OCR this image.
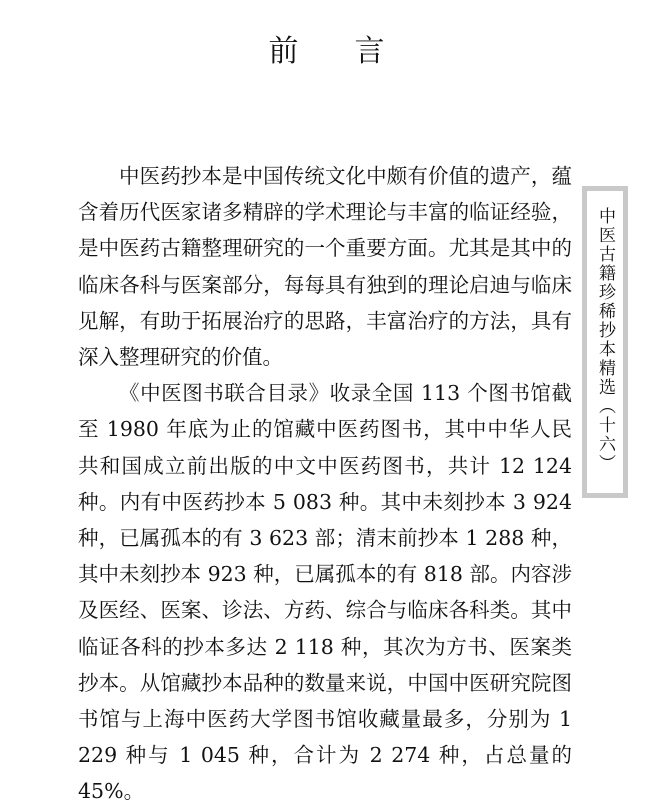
前言

中医药抄本是中国传统文化中颇有价值的遗产，蕴含着历代医家诸多精辟的学术理论与丰富的临证经验，是中医药古籍整理研究的一个重要方面。尤其是其中的临床各科与医案部分，每每具有独到的理论启迪与临床见解，有助于拓展治疗的思路，丰富治疗的方法，具有深入整理研究的价值。

《中医图书联合目录》收录全国 113 个图书馆截至 1980 年底为止的馆藏中医药图书，其中中华人民共和国成立前出版的中文中医药图书，共计 12 124 种。内有中医药抄本 5 083 种。其中未刻抄本 3 924 种，已属孤本的有 3 623 部；清末前抄本 1 288 种，其中未刻抄本 923 种，已属孤本的有 818 部。内容涉及医经、医案、诊法、方药、综合与临床各科类。其中临证各科的抄本多达 2 118 种，其次为方书、医案类抄本。从馆藏抄本品种的数量来说，中国中医研究院图书馆与上海中医药大学图书馆收藏量最多，分别为 1 229 种与 1 045 种，合计为 2 274 种，占总量的 45%。

中医古籍珍稀抄本精选（十六）
